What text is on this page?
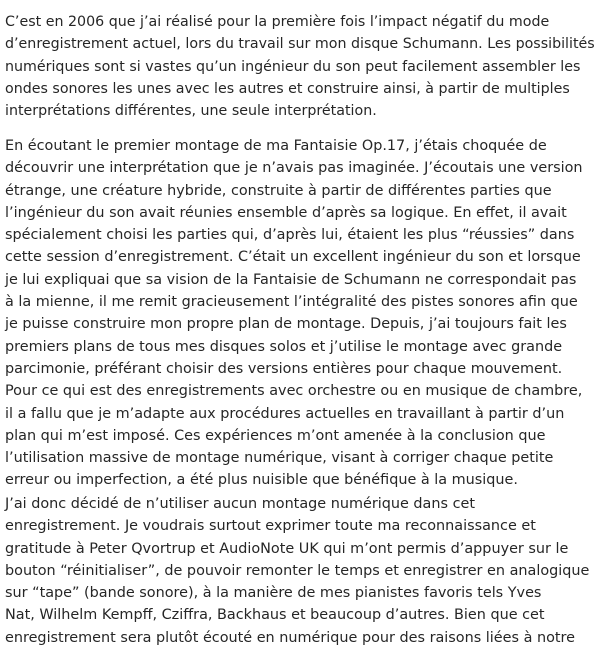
C’est en 2006 que j’ai réalisé pour la première fois l’impact négatif du mode
d’enregistrement actuel, lors du travail sur mon disque Schumann. Les possibilités
numériques sont si vastes qu’un ingénieur du son peut facilement assembler les
ondes sonores les unes avec les autres et construire ainsi, à partir de multiples
interprétations différentes, une seule interprétation.

En écoutant le premier montage de ma Fantaisie Op.17, j’étais choquée de
découvrir une interprétation que je n’avais pas imaginée. J’écoutais une version
étrange, une créature hybride, construite à partir de différentes parties que
l’ingénieur du son avait réunies ensemble d’après sa logique. En effet, il avait
spécialement choisi les parties qui, d’après lui, étaient les plus “réussies” dans
cette session d’enregistrement. C’était un excellent ingénieur du son et lorsque
je lui expliquai que sa vision de la Fantaisie de Schumann ne correspondait pas
à la mienne, il me remit gracieusement l’intégralité des pistes sonores afin que
je puisse construire mon propre plan de montage. Depuis, j’ai toujours fait les
premiers plans de tous mes disques solos et j’utilise le montage avec grande
parcimonie, préférant choisir des versions entières pour chaque mouvement.
Pour ce qui est des enregistrements avec orchestre ou en musique de chambre,
il a fallu que je m’adapte aux procédures actuelles en travaillant à partir d’un
plan qui m’est imposé. Ces expériences m’ont amenée à la conclusion que
l’utilisation massive de montage numérique, visant à corriger chaque petite
erreur ou imperfection, a été plus nuisible que bénéfique à la musique.

J’ai donc décidé de n’utiliser aucun montage numérique dans cet
enregistrement. Je voudrais surtout exprimer toute ma reconnaissance et
gratitude à Peter Qvortrup et AudioNote UK qui m’ont permis d’appuyer sur le
bouton “réinitialiser”, de pouvoir remonter le temps et enregistrer en analogique
sur “tape” (bande sonore), à la manière de mes pianistes favoris tels Yves
Nat, Wilhelm Kempff, Cziffra, Backhaus et beaucoup d’autres. Bien que cet
enregistrement sera plutôt écouté en numérique pour des raisons liées à notre
